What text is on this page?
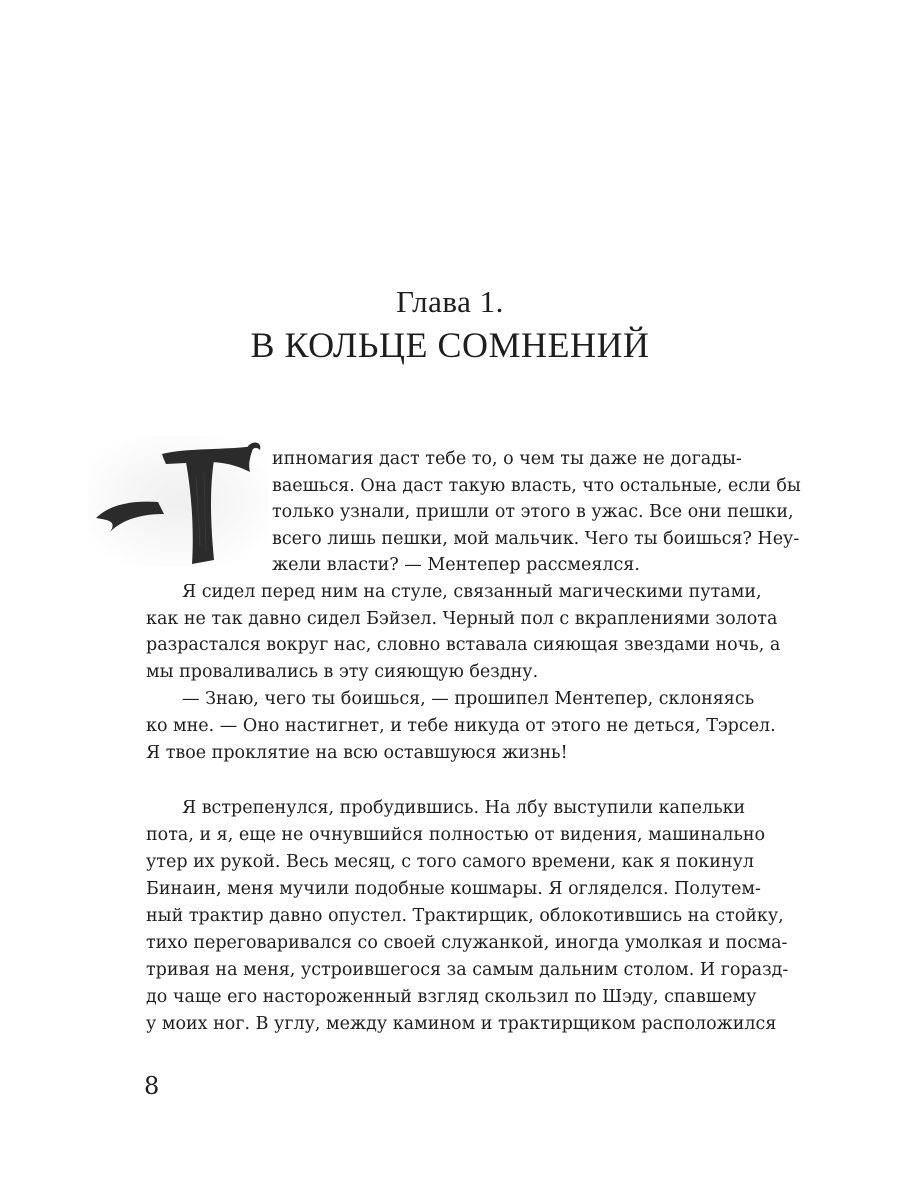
Глава 1.
В КОЛЬЦЕ СОМНЕНИЙ
ипномагия даст тебе то, о чем ты даже не догады-
ваешься. Она даст такую власть, что остальные, если бы
только узнали, пришли от этого в ужас. Все они пешки,
всего лишь пешки, мой мальчик. Чего ты боишься? Неу-
жели власти? — Ментепер рассмеялся.
Я сидел перед ним на стуле, связанный магическими путами,
как не так давно сидел Бэйзел. Черный пол с вкраплениями золота
разрастался вокруг нас, словно вставала сияющая звездами ночь, а
мы проваливались в эту сияющую бездну.
— Знаю, чего ты боишься, — прошипел Ментепер, склоняясь
ко мне. — Оно настигнет, и тебе никуда от этого не деться, Тэрсел.
Я твое проклятие на всю оставшуюся жизнь!
Я встрепенулся, пробудившись. На лбу выступили капельки
пота, и я, еще не очнувшийся полностью от видения, машинально
утер их рукой. Весь месяц, с того самого времени, как я покинул
Бинаин, меня мучили подобные кошмары. Я огляделся. Полутем-
ный трактир давно опустел. Трактирщик, облокотившись на стойку,
тихо переговаривался со своей служанкой, иногда умолкая и посма-
тривая на меня, устроившегося за самым дальним столом. И горазд-
до чаще его настороженный взгляд скользил по Шэду, спавшему
у моих ног. В углу, между камином и трактирщиком расположился
8
